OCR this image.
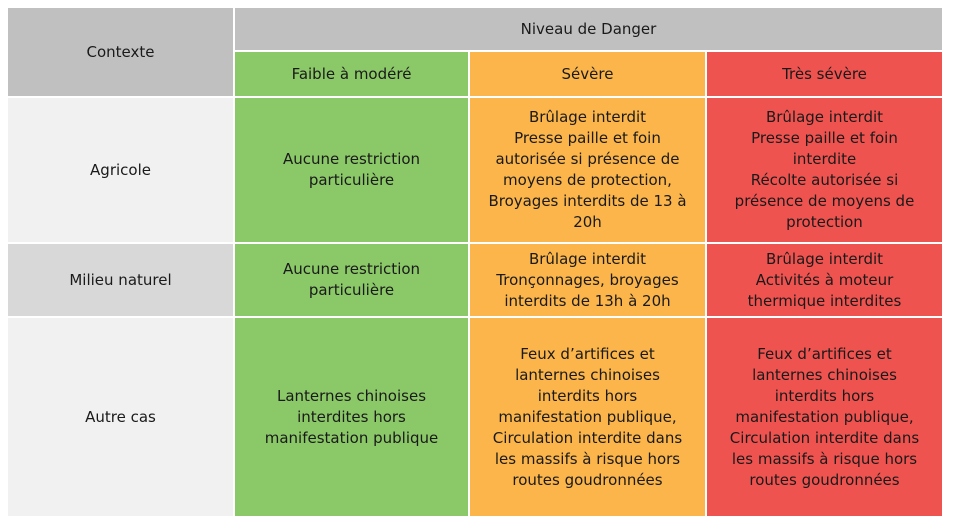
Contexte
Niveau de Danger
Faible à modéré	Sévère	Très sévère
Agricole
Aucune restriction
particulière
Brûlage interdit
Presse paille et foin
autorisée si présence de
moyens de protection,
Broyages interdits de 13 à
20h
Brûlage interdit
Presse paille et foin
interdite
Récolte autorisée si
présence de moyens de
protection
Milieu naturel
Aucune restriction
particulière
Brûlage interdit
Tronçonnages, broyages
interdits de 13h à 20h
Brûlage interdit
Activités à moteur
thermique interdites
Autre cas
Lanternes chinoises
interdites hors
manifestation publique
Feux d’artifices et
lanternes chinoises
interdits hors
manifestation publique,
Circulation interdite dans
les massifs à risque hors
routes goudronnées
Feux d’artifices et
lanternes chinoises
interdits hors
manifestation publique,
Circulation interdite dans
les massifs à risque hors
routes goudronnées
